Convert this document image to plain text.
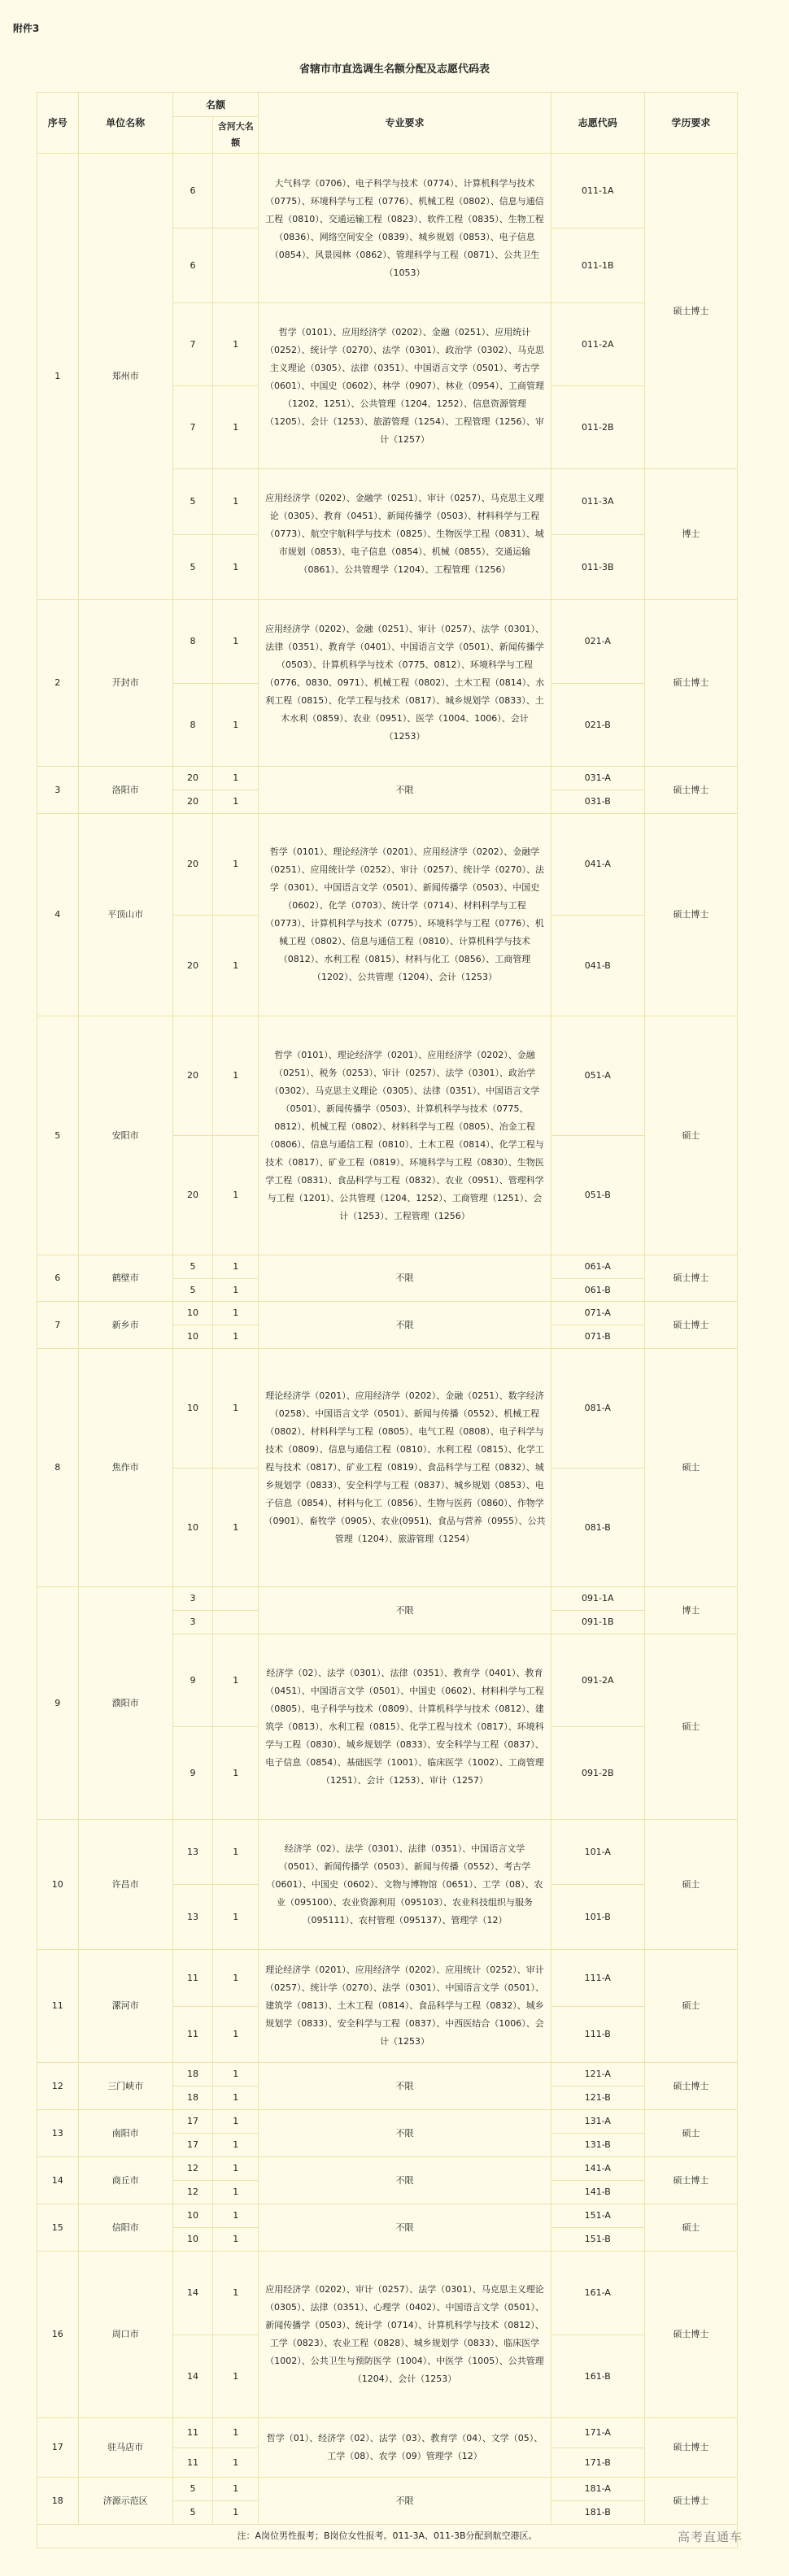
附件3
省辖市市直选调生名额分配及志愿代码表
序号	单位名称	名额		专业要求	志愿代码	学历要求
			含河大名额			
1	郑州市	6		大气科学（0706）、电子科学与技术（0774）、计算机科学与技术（0775）、环境科学与工程（0776）、机械工程（0802）、信息与通信工程（0810）、交通运输工程（0823）、软件工程（0835）、生物工程（0836）、网络空间安全（0839）、城乡规划（0853）、电子信息（0854）、风景园林（0862）、管理科学与工程（0871）、公共卫生（1053）	011-1A	硕士博士
		6			011-1B	
		7	1	哲学（0101）、应用经济学（0202）、金融（0251）、应用统计（0252）、统计学（0270）、法学（0301）、政治学（0302）、马克思主义理论（0305）、法律（0351）、中国语言文学（0501）、考古学（0601）、中国史（0602）、林学（0907）、林业（0954）、工商管理（1202、1251）、公共管理（1204、1252）、信息资源管理（1205）、会计（1253）、旅游管理（1254）、工程管理（1256）、审计（1257）	011-2A	
		7	1		011-2B	
		5	1	应用经济学（0202）、金融学（0251）、审计（0257）、马克思主义理论（0305）、教育（0451）、新闻传播学（0503）、材料科学与工程（0773）、航空宇航科学与技术（0825）、生物医学工程（0831）、城市规划（0853）、电子信息（0854）、机械（0855）、交通运输（0861）、公共管理学（1204）、工程管理（1256）	011-3A	博士
		5	1		011-3B	
2	开封市	8	1	应用经济学（0202）、金融（0251）、审计（0257）、法学（0301）、法律（0351）、教育学（0401）、中国语言文学（0501）、新闻传播学（0503）、计算机科学与技术（0775、0812）、环境科学与工程（0776、0830、0971）、机械工程（0802）、土木工程（0814）、水利工程（0815）、化学工程与技术（0817）、城乡规划学（0833）、土木水利（0859）、农业（0951）、医学（1004、1006）、会计（1253）	021-A	硕士博士
		8	1		021-B	
3	洛阳市	20	1	不限	031-A	硕士博士
		20	1		031-B	
4	平顶山市	20	1	哲学（0101）、理论经济学（0201）、应用经济学（0202）、金融学（0251）、应用统计学（0252）、审计（0257）、统计学（0270）、法学（0301）、中国语言文学（0501）、新闻传播学（0503）、中国史（0602）、化学（0703）、统计学（0714）、材料科学与工程（0773）、计算机科学与技术（0775）、环境科学与工程（0776）、机械工程（0802）、信息与通信工程（0810）、计算机科学与技术（0812）、水利工程（0815）、材料与化工（0856）、工商管理（1202）、公共管理（1204）、会计（1253）	041-A	硕士博士
		20	1		041-B	
5	安阳市	20	1	哲学（0101）、理论经济学（0201）、应用经济学（0202）、金融（0251）、税务（0253）、审计（0257）、法学（0301）、政治学（0302）、马克思主义理论（0305）、法律（0351）、中国语言文学（0501）、新闻传播学（0503）、计算机科学与技术（0775、0812）、机械工程（0802）、材料科学与工程（0805）、冶金工程（0806）、信息与通信工程（0810）、土木工程（0814）、化学工程与技术（0817）、矿业工程（0819）、环境科学与工程（0830）、生物医学工程（0831）、食品科学与工程（0832）、农业（0951）、管理科学与工程（1201）、公共管理（1204、1252）、工商管理（1251）、会计（1253）、工程管理（1256）	051-A	硕士
		20	1		051-B	
6	鹤壁市	5	1	不限	061-A	硕士博士
		5	1		061-B	
7	新乡市	10	1	不限	071-A	硕士博士
		10	1		071-B	
8	焦作市	10	1	理论经济学（0201）、应用经济学（0202）、金融（0251）、数字经济（0258）、中国语言文学（0501）、新闻与传播（0552）、机械工程（0802）、材料科学与工程（0805）、电气工程（0808）、电子科学与技术（0809）、信息与通信工程（0810）、水利工程（0815）、化学工程与技术（0817）、矿业工程（0819）、食品科学与工程（0832）、城乡规划学（0833）、安全科学与工程（0837）、城乡规划（0853）、电子信息（0854）、材料与化工（0856）、生物与医药（0860）、作物学（0901）、畜牧学（0905）、农业(0951)、食品与营养（0955）、公共管理（1204）、旅游管理（1254）	081-A	硕士
		10	1		081-B	
9	濮阳市	3		不限	091-1A	博士
		3			091-1B	
		9	1	经济学（02）、法学（0301）、法律（0351）、教育学（0401）、教育（0451）、中国语言文学（0501）、中国史（0602）、材料科学与工程（0805）、电子科学与技术（0809）、计算机科学与技术（0812）、建筑学（0813）、水利工程（0815）、化学工程与技术（0817）、环境科学与工程（0830）、城乡规划学（0833）、安全科学与工程（0837）、电子信息（0854）、基础医学（1001）、临床医学（1002）、工商管理（1251）、会计（1253）、审计（1257）	091-2A	硕士
		9	1		091-2B	
10	许昌市	13	1	经济学（02）、法学（0301）、法律（0351）、中国语言文学（0501）、新闻传播学（0503）、新闻与传播（0552）、考古学（0601）、中国史（0602）、文物与博物馆（0651）、工学（08）、农业（095100）、农业资源利用（095103）、农业科技组织与服务（095111）、农村管理（095137）、管理学（12）	101-A	硕士
		13	1		101-B	
11	漯河市	11	1	理论经济学（0201）、应用经济学（0202）、应用统计（0252）、审计（0257）、统计学（0270）、法学（0301）、中国语言文学（0501）、建筑学（0813）、土木工程（0814）、食品科学与工程（0832）、城乡规划学（0833）、安全科学与工程（0837）、中西医结合（1006）、会计（1253）	111-A	硕士
		11	1		111-B	
12	三门峡市	18	1	不限	121-A	硕士博士
		18	1		121-B	
13	南阳市	17	1	不限	131-A	硕士
		17	1		131-B	
14	商丘市	12	1	不限	141-A	硕士博士
		12	1		141-B	
15	信阳市	10	1	不限	151-A	硕士
		10	1		151-B	
16	周口市	14	1	应用经济学（0202）、审计（0257）、法学（0301）、马克思主义理论（0305）、法律（0351）、心理学（0402）、中国语言文学（0501）、新闻传播学（0503）、统计学（0714）、计算机科学与技术（0812）、工学（0823）、农业工程（0828）、城乡规划学（0833）、临床医学（1002）、公共卫生与预防医学（1004）、中医学（1005）、公共管理（1204）、会计（1253）	161-A	硕士博士
		14	1		161-B	
17	驻马店市	11	1	哲学（01）、经济学（02）、法学（03）、教育学（04）、文学（05）、工学（08）、农学（09）管理学（12）	171-A	硕士博士
		11	1		171-B	
18	济源示范区	5	1	不限	181-A	硕士博士
		5	1		181-B	
注：A岗位男性报考；B岗位女性报考。011-3A、011-3B分配到航空港区。							高考直通车
